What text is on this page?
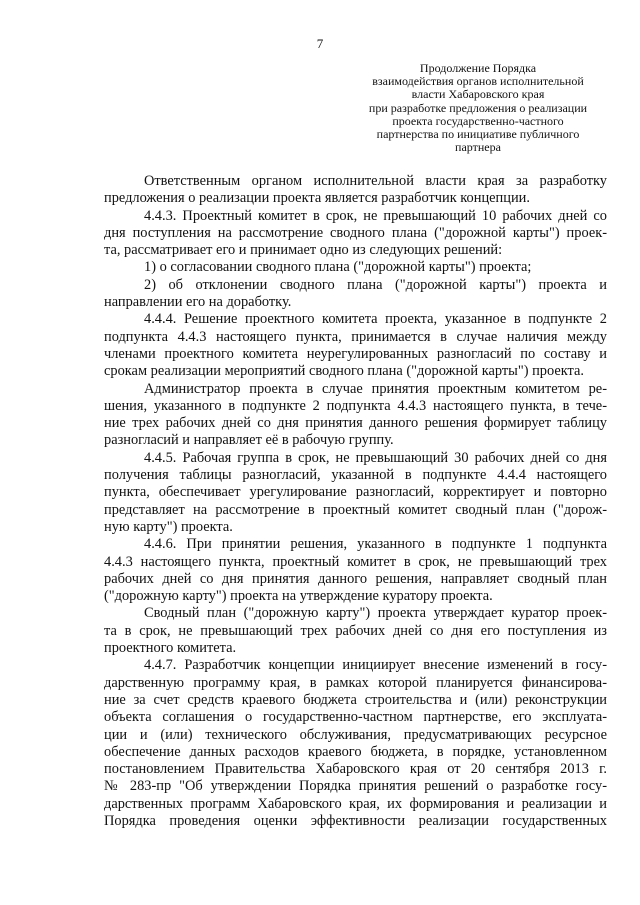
7
Продолжение Порядка
взаимодействия органов исполнительной
власти Хабаровского края
при разработке предложения о реализации
проекта государственно-частного
партнерства по инициативе публичного
партнера
Ответственным органом исполнительной власти края за разработку
предложения о реализации проекта является разработчик концепции.
4.4.3. Проектный комитет в срок, не превышающий 10 рабочих дней со
дня поступления на рассмотрение сводного плана ("дорожной карты") проек-
та, рассматривает его и принимает одно из следующих решений:
1) о согласовании сводного плана ("дорожной карты") проекта;
2) об отклонении сводного плана ("дорожной карты") проекта и
направлении его на доработку.
4.4.4. Решение проектного комитета проекта, указанное в подпункте 2
подпункта 4.4.3 настоящего пункта, принимается в случае наличия между
членами проектного комитета неурегулированных разногласий по составу и
срокам реализации мероприятий сводного плана ("дорожной карты") проекта.
Администратор проекта в случае принятия проектным комитетом ре-
шения, указанного в подпункте 2 подпункта 4.4.3 настоящего пункта, в тече-
ние трех рабочих дней со дня принятия данного решения формирует таблицу
разногласий и направляет её в рабочую группу.
4.4.5. Рабочая группа в срок, не превышающий 30 рабочих дней со дня
получения таблицы разногласий, указанной в подпункте 4.4.4 настоящего
пункта, обеспечивает урегулирование разногласий, корректирует и повторно
представляет на рассмотрение в проектный комитет сводный план ("дорож-
ную карту") проекта.
4.4.6. При принятии решения, указанного в подпункте 1 подпункта
4.4.3 настоящего пункта, проектный комитет в срок, не превышающий трех
рабочих дней со дня принятия данного решения, направляет сводный план
("дорожную карту") проекта на утверждение куратору проекта.
Сводный план ("дорожную карту") проекта утверждает куратор проек-
та в срок, не превышающий трех рабочих дней со дня его поступления из
проектного комитета.
4.4.7. Разработчик концепции инициирует внесение изменений в госу-
дарственную программу края, в рамках которой планируется финансирова-
ние за счет средств краевого бюджета строительства и (или) реконструкции
объекта соглашения о государственно-частном партнерстве, его эксплуата-
ции и (или) технического обслуживания, предусматривающих ресурсное
обеспечение данных расходов краевого бюджета, в порядке, установленном
постановлением Правительства Хабаровского края от 20 сентября 2013 г.
№ 283-пр "Об утверждении Порядка принятия решений о разработке госу-
дарственных программ Хабаровского края, их формирования и реализации и
Порядка проведения оценки эффективности реализации государственных
